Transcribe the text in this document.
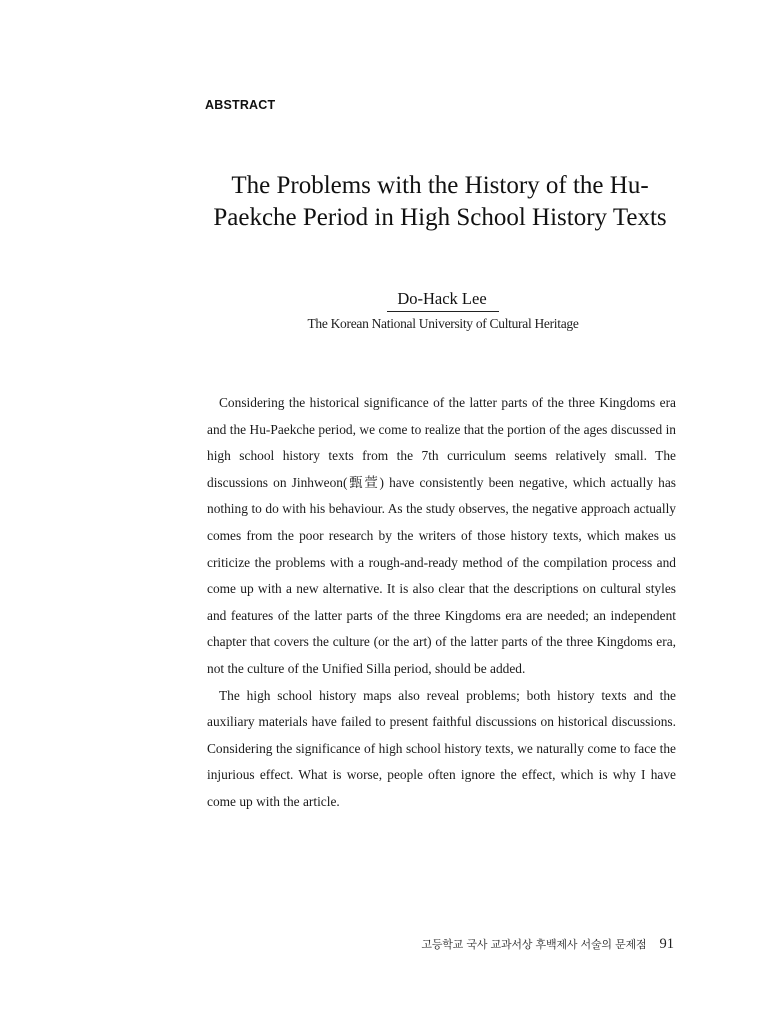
ABSTRACT
The Problems with the History of the Hu-
Paekche Period in High School History Texts
Do-Hack Lee
The Korean National University of Cultural Heritage

Considering the historical significance of the latter parts of the three Kingdoms era and the Hu-Paekche period, we come to realize that the portion of the ages discussed in high school history texts from the 7th curriculum seems relatively small. The discussions on Jinhweon(甄萱) have consistently been negative, which actually has nothing to do with his behaviour. As the study observes, the negative approach actually comes from the poor research by the writers of those history texts, which makes us criticize the problems with a rough-and-ready method of the compilation process and come up with a new alternative. It is also clear that the descriptions on cultural styles and features of the latter parts of the three Kingdoms era are needed; an independent chapter that covers the culture (or the art) of the latter parts of the three Kingdoms era, not the culture of the Unified Silla period, should be added.

The high school history maps also reveal problems; both history texts and the auxiliary materials have failed to present faithful discussions on historical discussions. Considering the significance of high school history texts, we naturally come to face the injurious effect. What is worse, people often ignore the effect, which is why I have come up with the article.

고등학교 국사 교과서상 후백제사 서술의 문제점 91
